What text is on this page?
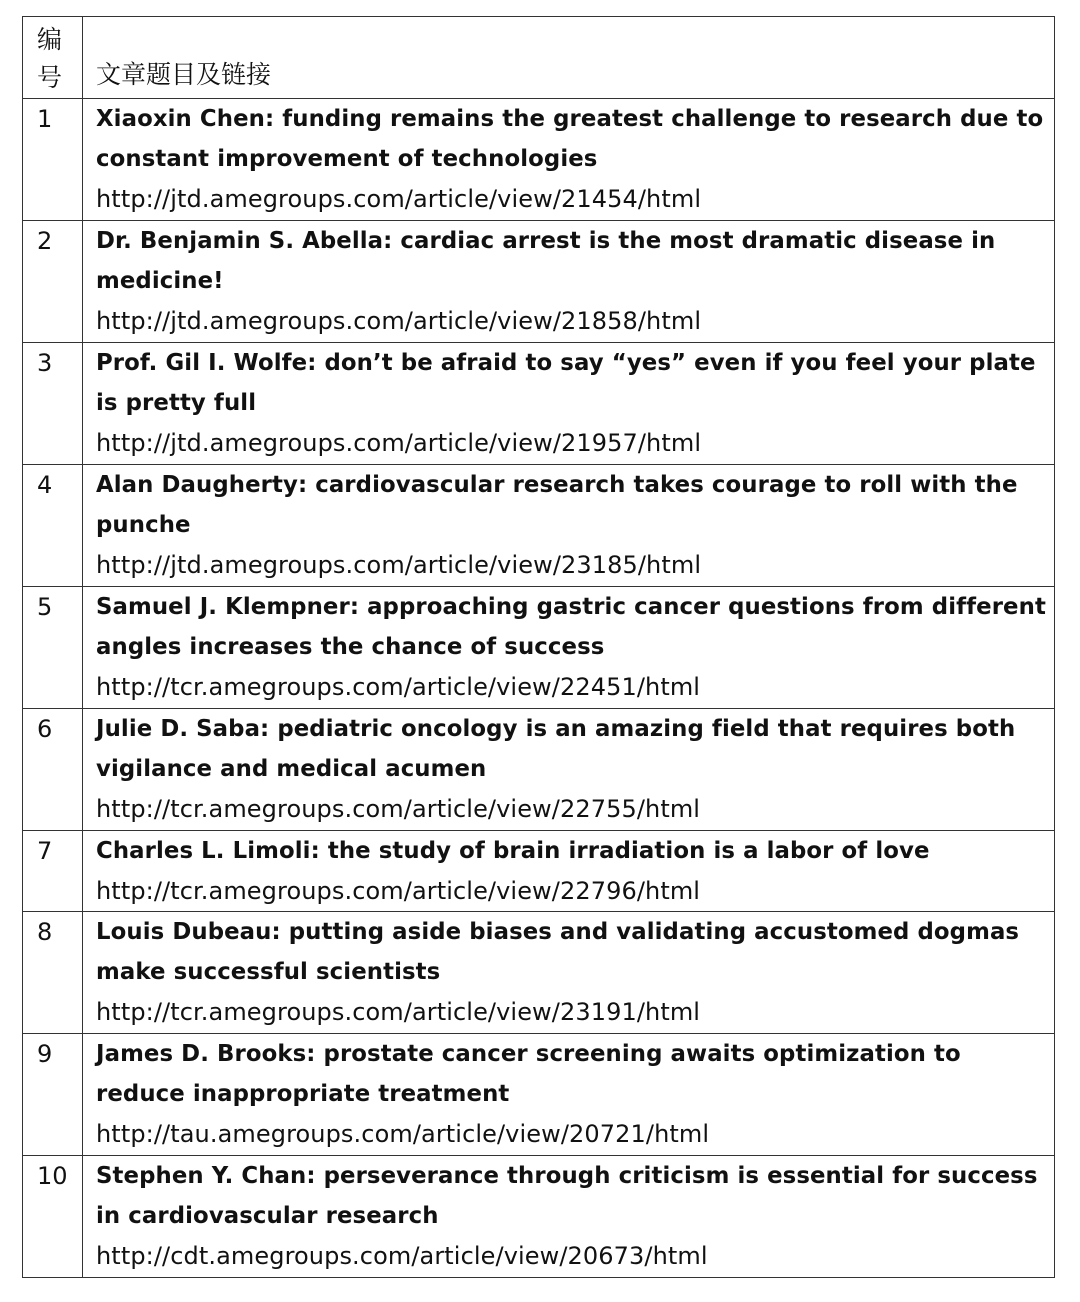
编
号	文章题目及链接
1	Xiaoxin Chen: funding remains the greatest challenge to research due to constant improvement of technologies
http://jtd.amegroups.com/article/view/21454/html

2	Dr. Benjamin S. Abella: cardiac arrest is the most dramatic disease in medicine!
http://jtd.amegroups.com/article/view/21858/html

3	Prof. Gil I. Wolfe: don’t be afraid to say “yes” even if you feel your plate is pretty full
http://jtd.amegroups.com/article/view/21957/html

4	Alan Daugherty: cardiovascular research takes courage to roll with the punche
http://jtd.amegroups.com/article/view/23185/html

5	Samuel J. Klempner: approaching gastric cancer questions from different angles increases the chance of success
http://tcr.amegroups.com/article/view/22451/html

6	Julie D. Saba: pediatric oncology is an amazing field that requires both vigilance and medical acumen
http://tcr.amegroups.com/article/view/22755/html

7	Charles L. Limoli: the study of brain irradiation is a labor of love
http://tcr.amegroups.com/article/view/22796/html

8	Louis Dubeau: putting aside biases and validating accustomed dogmas make successful scientists
http://tcr.amegroups.com/article/view/23191/html

9	James D. Brooks: prostate cancer screening awaits optimization to reduce inappropriate treatment
http://tau.amegroups.com/article/view/20721/html

10	Stephen Y. Chan: perseverance through criticism is essential for success in cardiovascular research
http://cdt.amegroups.com/article/view/20673/html
